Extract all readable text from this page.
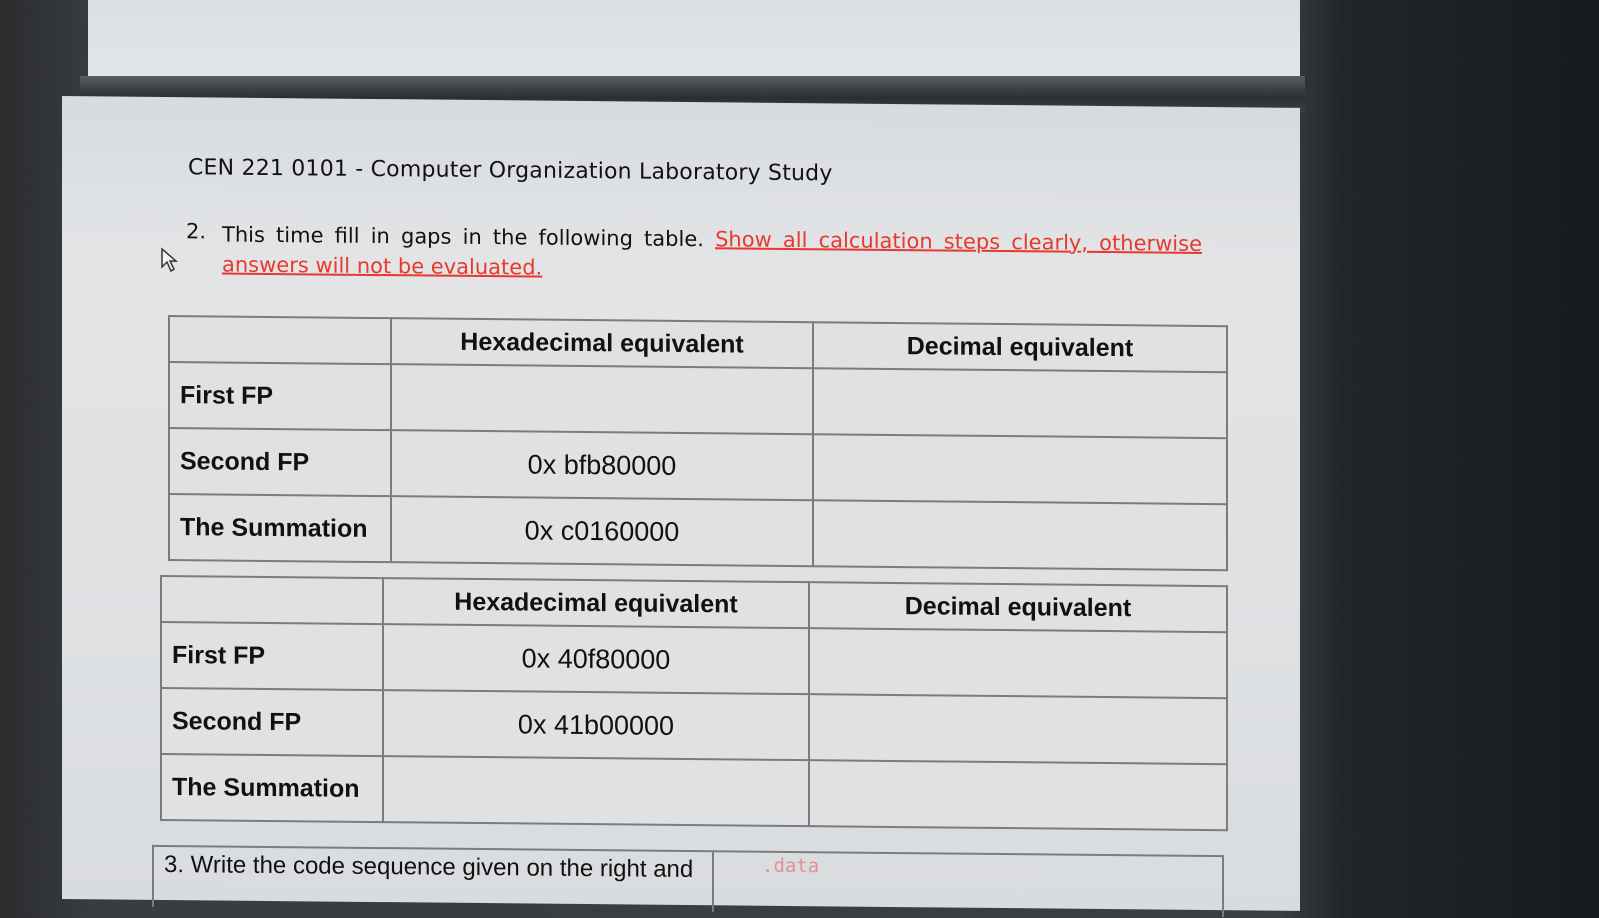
CEN 221 0101 - Computer Organization Laboratory Study
2. This time fill in gaps in the following table. Show all calculation steps clearly, otherwise answers will not be evaluated.
	Hexadecimal equivalent	Decimal equivalent
First FP		
Second FP	0x bfb80000	
The Summation	0x c0160000	
	Hexadecimal equivalent	Decimal equivalent
First FP	0x 40f80000	
Second FP	0x 41b00000	
The Summation		
3. Write the code sequence given on the right and	.data
